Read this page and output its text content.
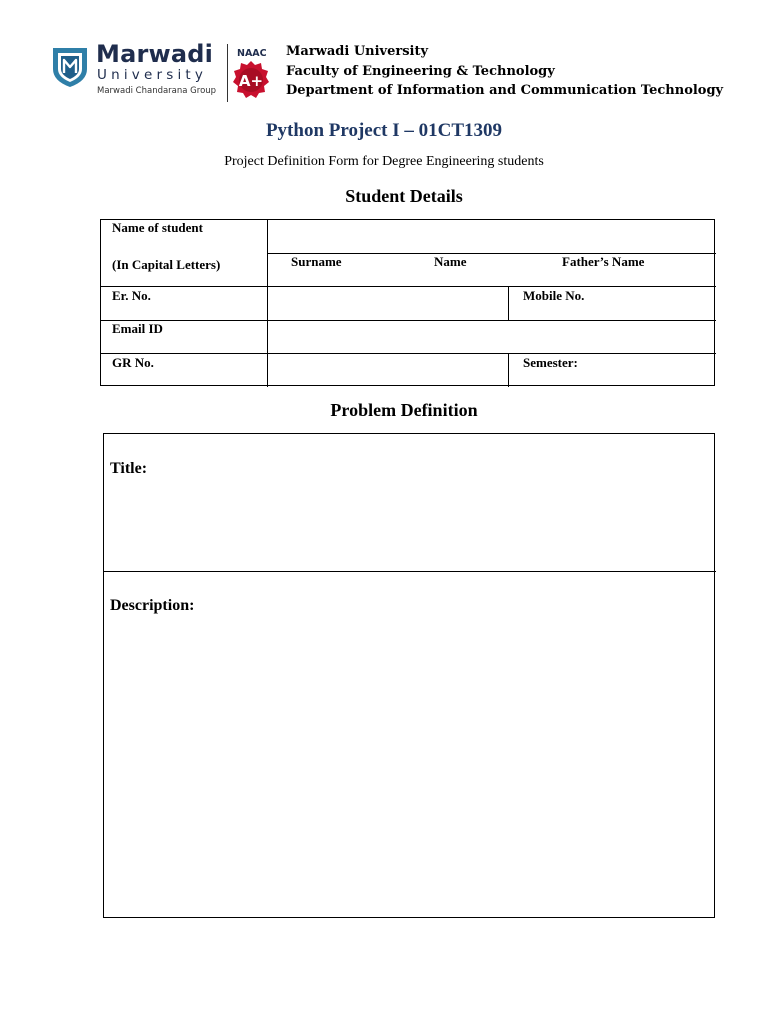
Marwadi
University
Marwadi Chandarana Group
NAAC
A+
Marwadi University
Faculty of Engineering & Technology
Department of Information and Communication Technology
Python Project I – 01CT1309
Project Definition Form for Degree Engineering students
Student Details
Name of student
(In Capital Letters)	Surname	Name	Father’s Name
Er. No.	Mobile No.
Email ID
GR No.	Semester:
Problem Definition
Title:
Description:
